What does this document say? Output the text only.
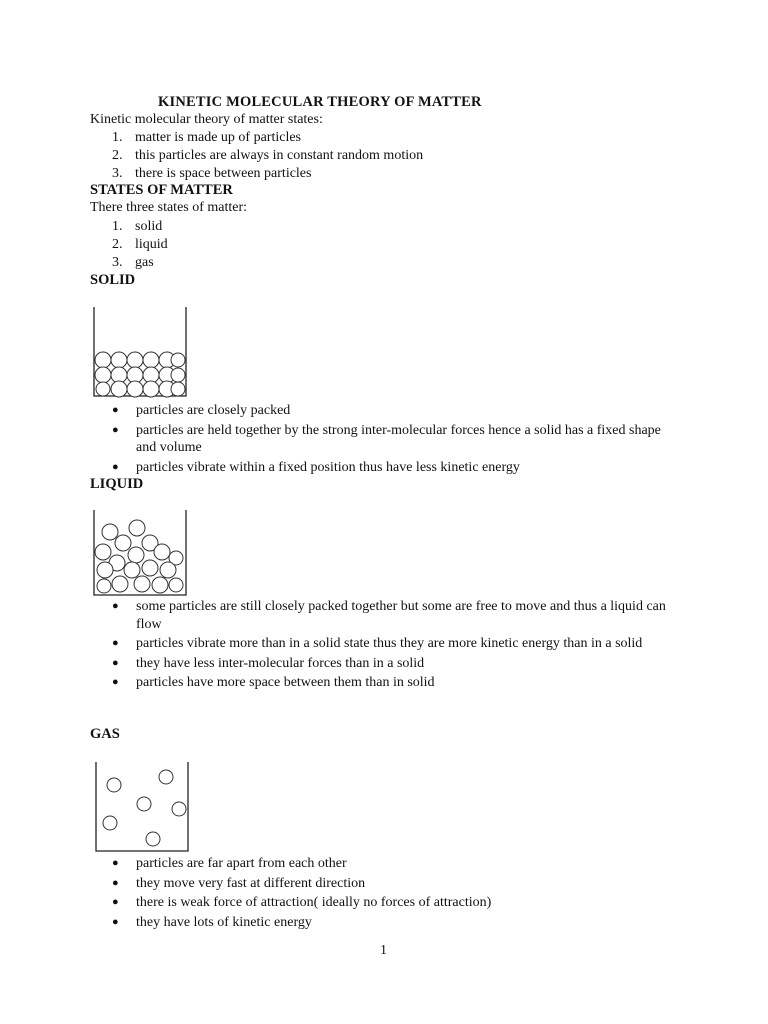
KINETIC MOLECULAR THEORY OF MATTER
Kinetic molecular theory of matter states:
1. matter is made up of particles
2. this particles are always in constant random motion
3. there is space between particles
STATES OF MATTER
There three states of matter:
1. solid
2. liquid
3. gas
SOLID
●	particles are closely packed
●	particles are held together by the strong inter-molecular forces hence a solid has a fixed shape and volume
●	particles vibrate within a fixed position thus have less kinetic energy
LIQUID
●	some particles are still closely packed together but some are free to move and thus a liquid can flow
●	particles vibrate more than in a solid state thus they are more kinetic energy than in a solid
●	they have less inter-molecular forces than in a solid
●	particles have more space between them than in solid
GAS
●	particles are far apart from each other
●	they move very fast at different direction
●	there is weak force of attraction( ideally no forces of attraction)
●	they have lots of kinetic energy
1
